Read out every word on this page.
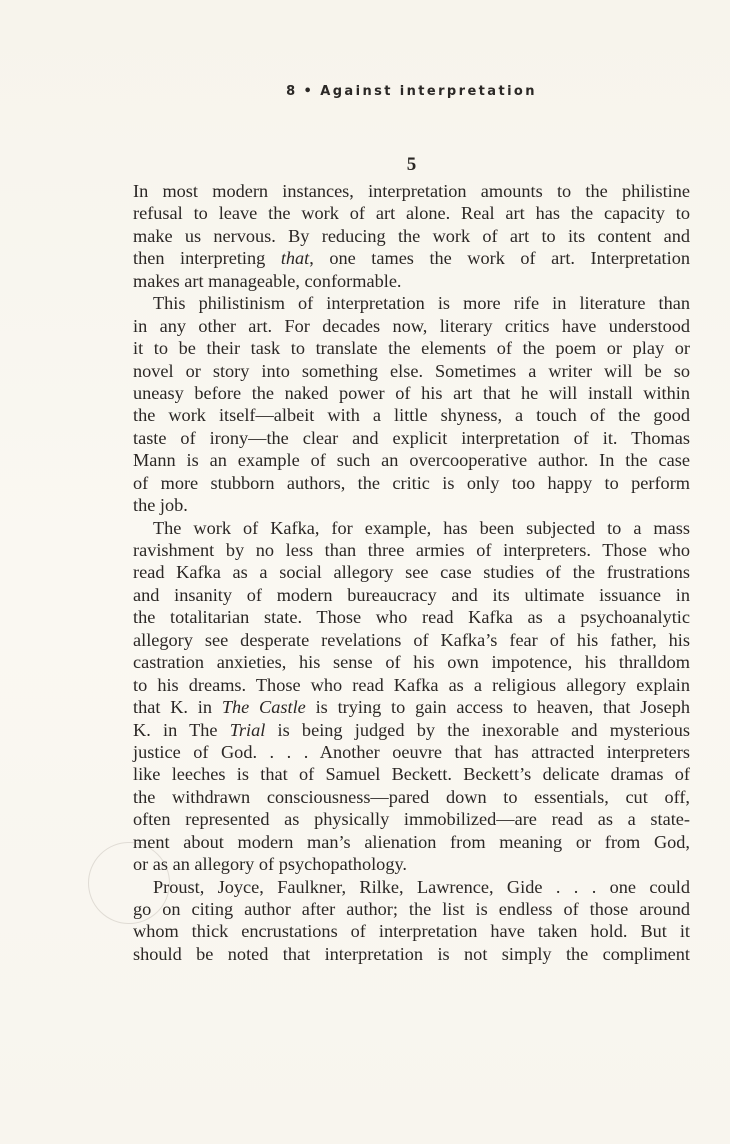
8 • Against interpretation
5
In most modern instances, interpretation amounts to the philistine
refusal to leave the work of art alone. Real art has the capacity to
make us nervous. By reducing the work of art to its content and
then interpreting that, one tames the work of art. Interpretation
makes art manageable, conformable.
This philistinism of interpretation is more rife in literature than
in any other art. For decades now, literary critics have understood
it to be their task to translate the elements of the poem or play or
novel or story into something else. Sometimes a writer will be so
uneasy before the naked power of his art that he will install within
the work itself—albeit with a little shyness, a touch of the good
taste of irony—the clear and explicit interpretation of it. Thomas
Mann is an example of such an overcooperative author. In the case
of more stubborn authors, the critic is only too happy to perform
the job.
The work of Kafka, for example, has been subjected to a mass
ravishment by no less than three armies of interpreters. Those who
read Kafka as a social allegory see case studies of the frustrations
and insanity of modern bureaucracy and its ultimate issuance in
the totalitarian state. Those who read Kafka as a psychoanalytic
allegory see desperate revelations of Kafka’s fear of his father, his
castration anxieties, his sense of his own impotence, his thralldom
to his dreams. Those who read Kafka as a religious allegory explain
that K. in The Castle is trying to gain access to heaven, that Joseph
K. in The Trial is being judged by the inexorable and mysterious
justice of God. . . . Another oeuvre that has attracted interpreters
like leeches is that of Samuel Beckett. Beckett’s delicate dramas of
the withdrawn consciousness—pared down to essentials, cut off,
often represented as physically immobilized—are read as a state-
ment about modern man’s alienation from meaning or from God,
or as an allegory of psychopathology.
Proust, Joyce, Faulkner, Rilke, Lawrence, Gide . . . one could
go on citing author after author; the list is endless of those around
whom thick encrustations of interpretation have taken hold. But it
should be noted that interpretation is not simply the compliment
